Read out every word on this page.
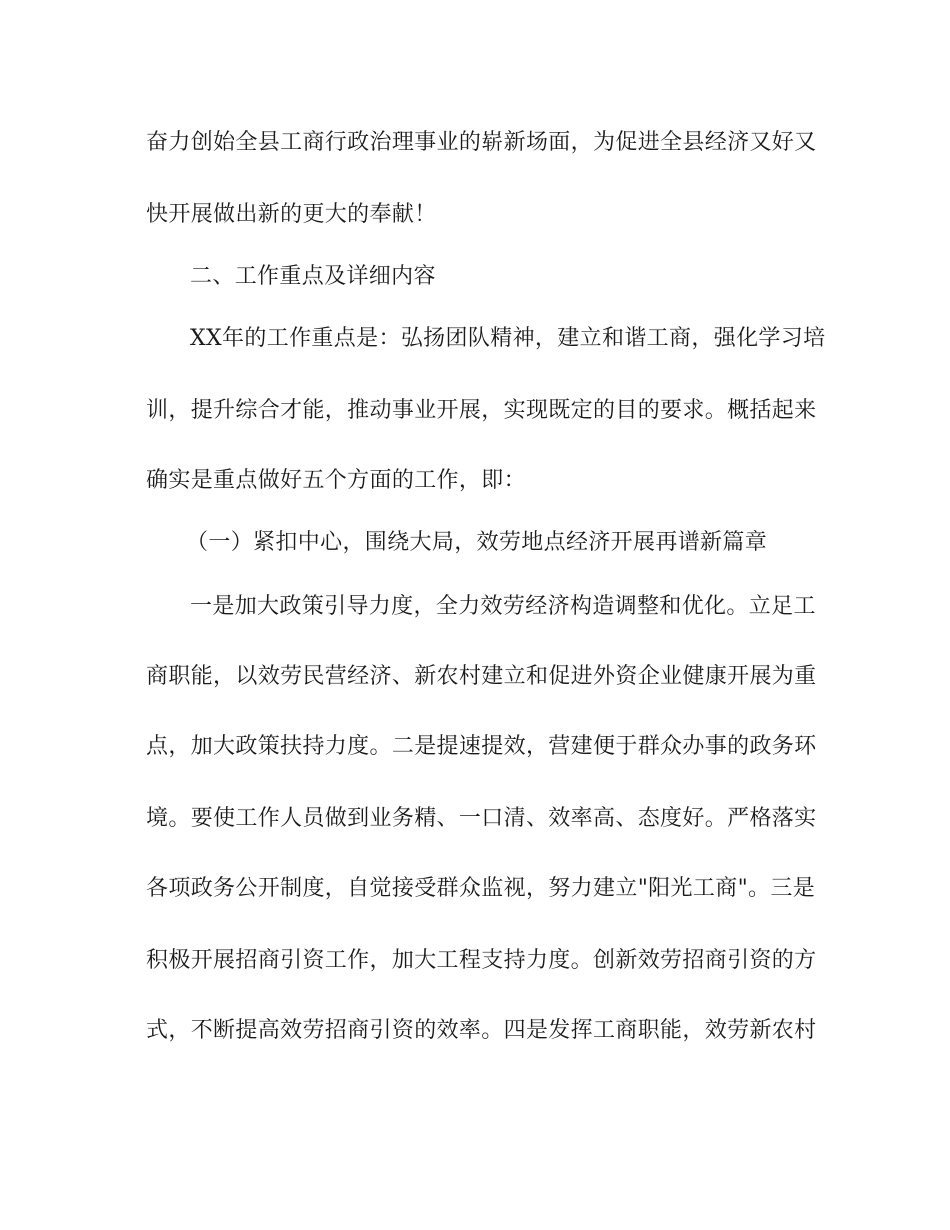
奋力创始全县工商行政治理事业的崭新场面，为促进全县经济又好又
快开展做出新的更大的奉献！
二、工作重点及详细内容
XX年的工作重点是：弘扬团队精神，建立和谐工商，强化学习培
训，提升综合才能，推动事业开展，实现既定的目的要求。概括起来
确实是重点做好五个方面的工作，即：
（一）紧扣中心，围绕大局，效劳地点经济开展再谱新篇章
一是加大政策引导力度，全力效劳经济构造调整和优化。立足工
商职能，以效劳民营经济、新农村建立和促进外资企业健康开展为重
点，加大政策扶持力度。二是提速提效，营建便于群众办事的政务环
境。要使工作人员做到业务精、一口清、效率高、态度好。严格落实
各项政务公开制度，自觉接受群众监视，努力建立"阳光工商"。三是
积极开展招商引资工作，加大工程支持力度。创新效劳招商引资的方
式，不断提高效劳招商引资的效率。四是发挥工商职能，效劳新农村
